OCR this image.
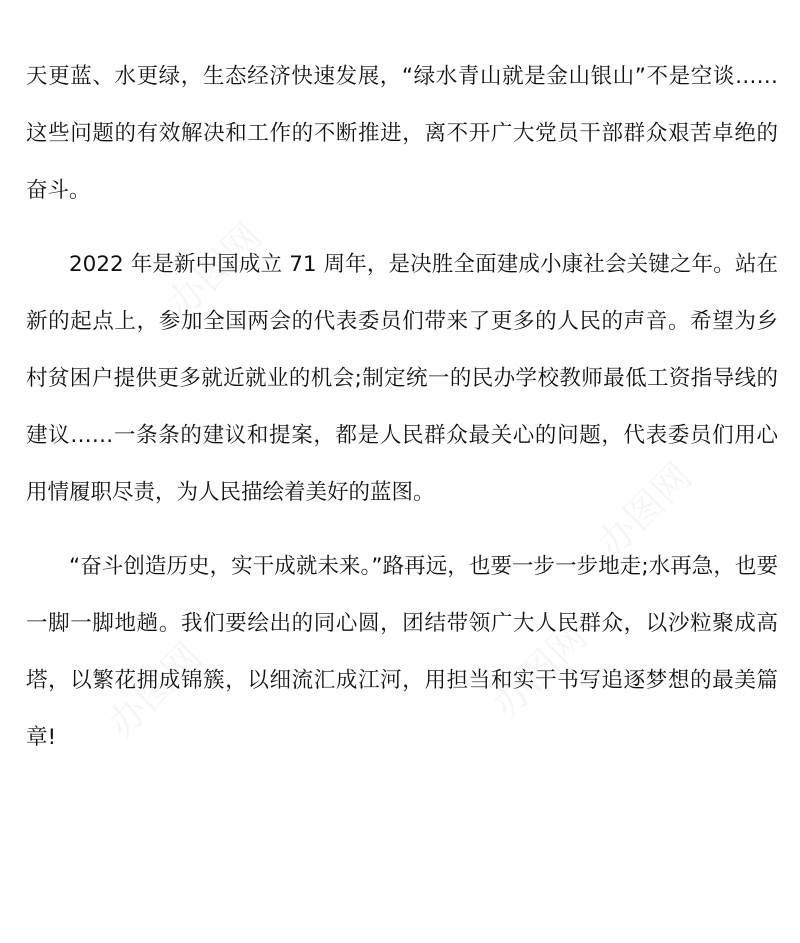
办图网
办图网
办图网	办图网

天更蓝、水更绿，生态经济快速发展，“绿水青山就是金山银山”不是空谈……这些问题的有效解决和工作的不断推进，离不开广大党员干部群众艰苦卓绝的奋斗。

2022 年是新中国成立 71 周年，是决胜全面建成小康社会关键之年。站在新的起点上，参加全国两会的代表委员们带来了更多的人民的声音。希望为乡村贫困户提供更多就近就业的机会;制定统一的民办学校教师最低工资指导线的建议……一条条的建议和提案，都是人民群众最关心的问题，代表委员们用心用情履职尽责，为人民描绘着美好的蓝图。

“奋斗创造历史，实干成就未来。”路再远，也要一步一步地走;水再急，也要一脚一脚地趟。我们要绘出的同心圆，团结带领广大人民群众，以沙粒聚成高塔，以繁花拥成锦簇，以细流汇成江河，用担当和实干书写追逐梦想的最美篇章!
